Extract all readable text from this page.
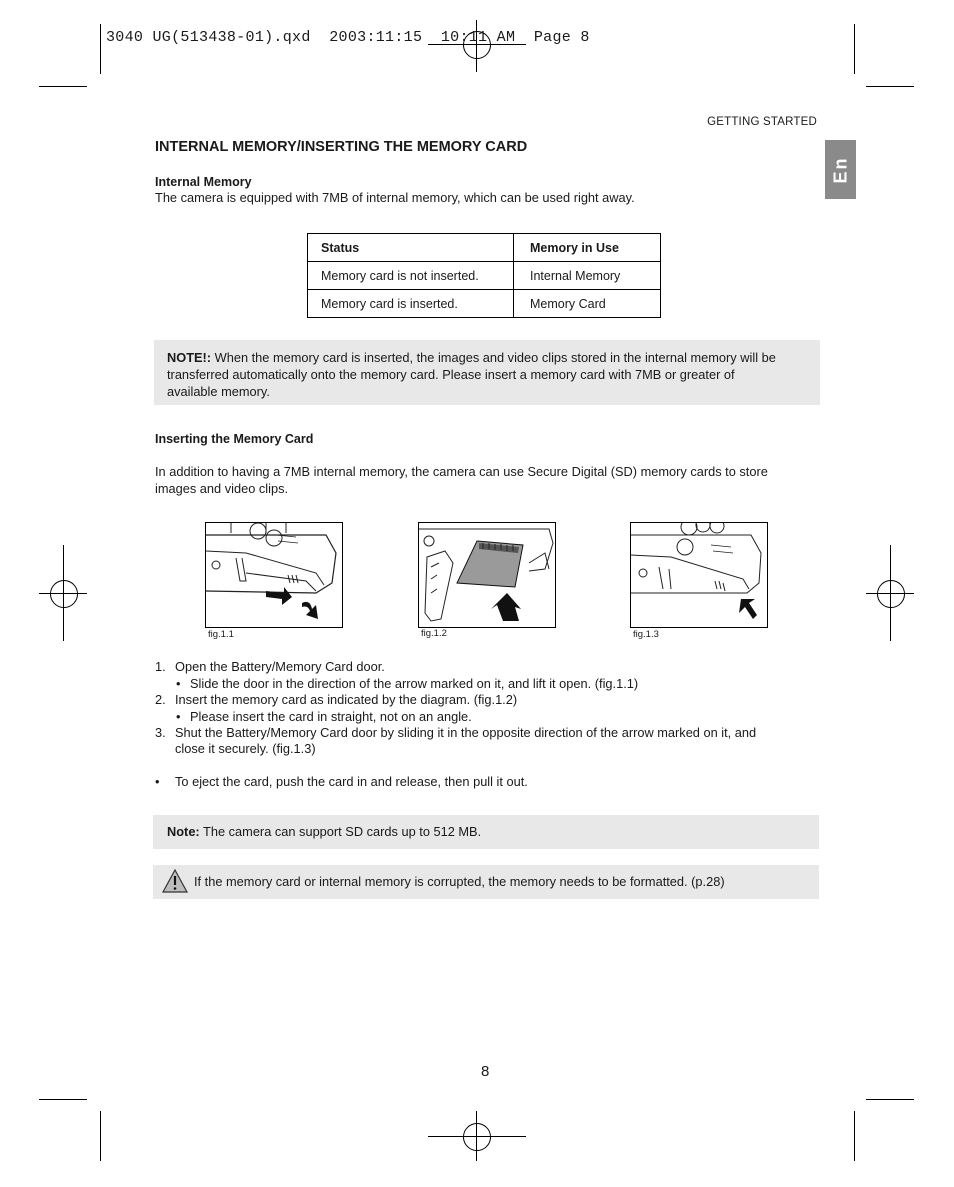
3040 UG(513438-01).qxd  2003:11:15  10:11 AM  Page 8
GETTING STARTED
En
INTERNAL MEMORY/INSERTING THE MEMORY CARD
Internal Memory
The camera is equipped with 7MB of internal memory, which can be used right away.
Status	Memory in Use
Memory card is not inserted.	Internal Memory
Memory card is inserted.	Memory Card
NOTE!: When the memory card is inserted, the images and video clips stored in the internal memory will be
transferred automatically onto the memory card. Please insert a memory card with 7MB or greater of
available memory.
Inserting the Memory Card
In addition to having a 7MB internal memory, the camera can use Secure Digital (SD) memory cards to store
images and video clips.
fig.1.1	fig.1.2	fig.1.3
1. Open the Battery/Memory Card door.
• Slide the door in the direction of the arrow marked on it, and lift it open. (fig.1.1)
2. Insert the memory card as indicated by the diagram. (fig.1.2)
• Please insert the card in straight, not on an angle.
3. Shut the Battery/Memory Card door by sliding it in the opposite direction of the arrow marked on it, and
close it securely. (fig.1.3)
• To eject the card, push the card in and release, then pull it out.
Note: The camera can support SD cards up to 512 MB.
If the memory card or internal memory is corrupted, the memory needs to be formatted. (p.28)
8
